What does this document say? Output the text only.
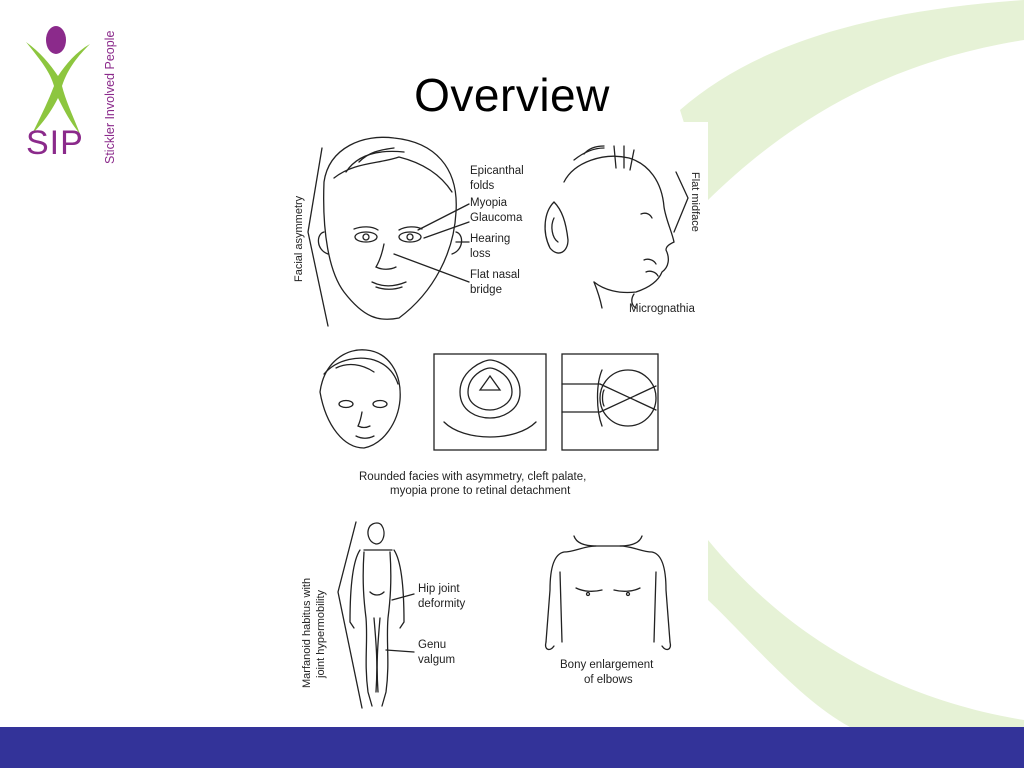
SIP Stickler Involved People	Overview
Epicanthal
folds
Myopia
Glaucoma
Hearing
loss
Flat nasal
bridge
Facial asymmetry	Flat midface
Micrognathia
Rounded facies with asymmetry, cleft palate,
myopia prone to retinal detachment
Marfanoid habitus with joint hypermobility
Hip joint
deformity
Genu
valgum	Bony enlargement
of elbows
